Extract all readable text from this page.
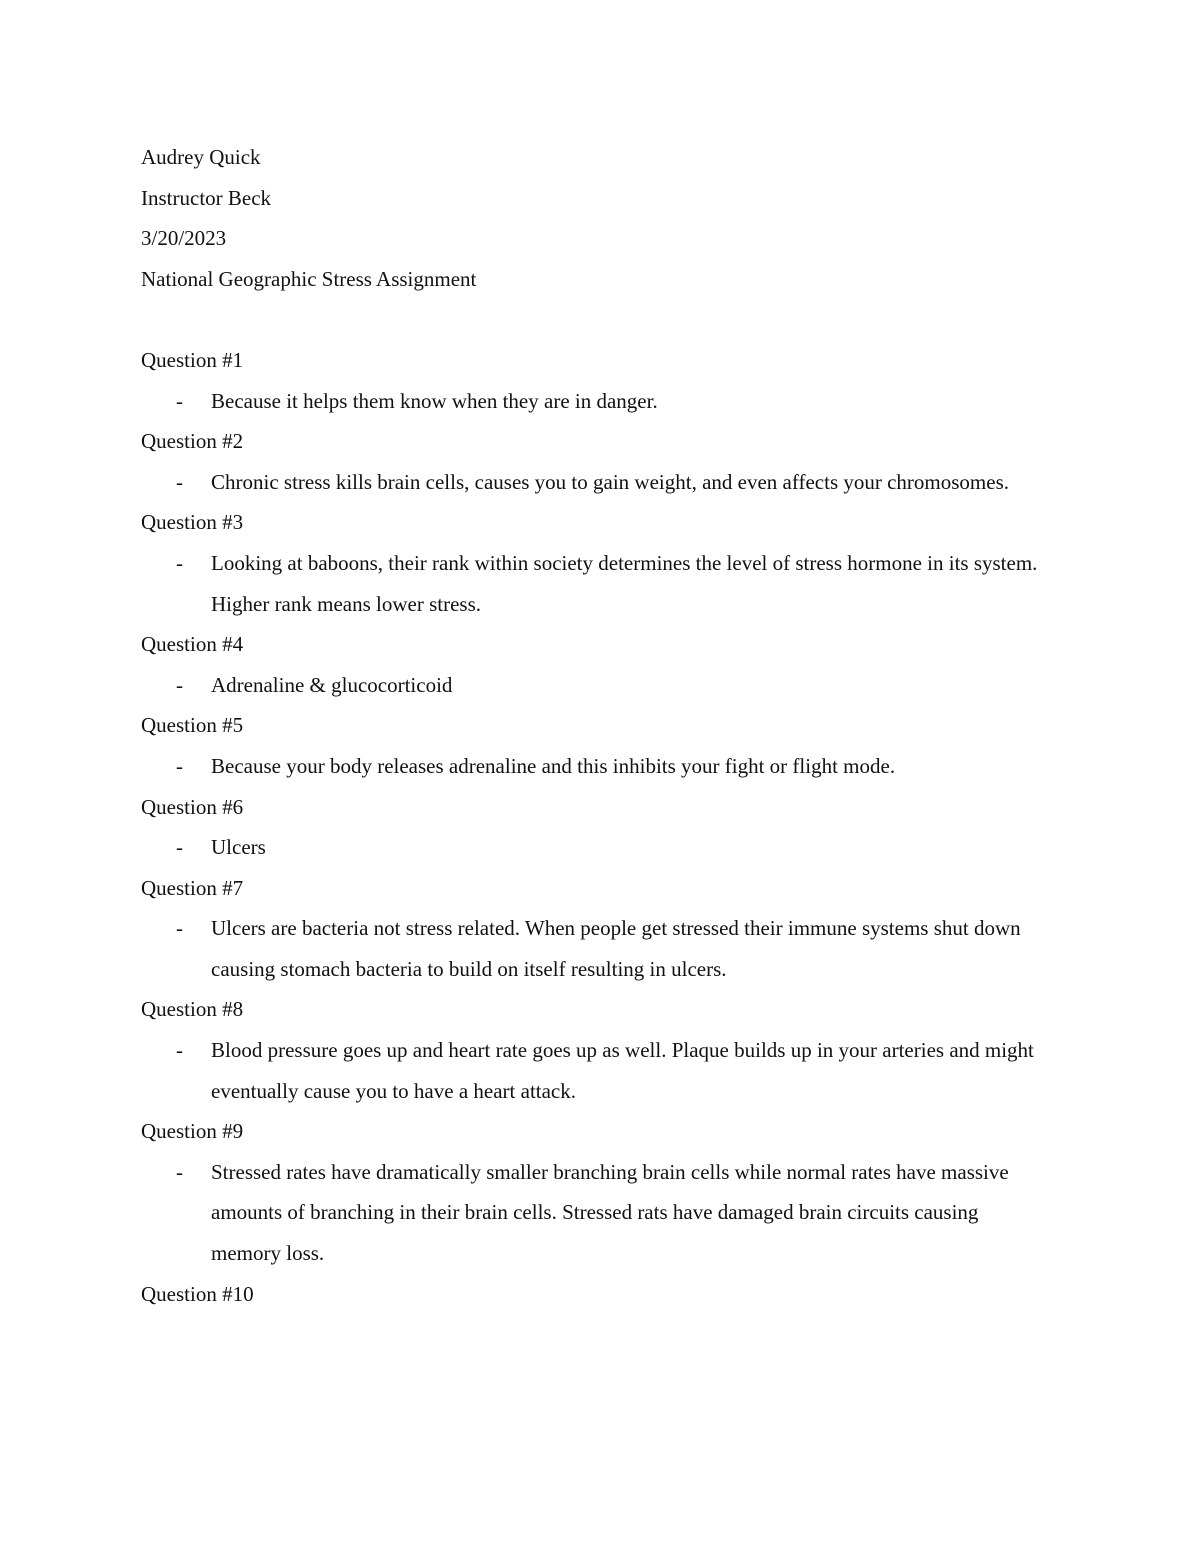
Audrey Quick

Instructor Beck

3/20/2023

National Geographic Stress Assignment

Question #1

- Because it helps them know when they are in danger.

Question #2

- Chronic stress kills brain cells, causes you to gain weight, and even affects your chromosomes.

Question #3

- Looking at baboons, their rank within society determines the level of stress hormone in its system. Higher rank means lower stress.

Question #4

- Adrenaline & glucocorticoid

Question #5

- Because your body releases adrenaline and this inhibits your fight or flight mode.

Question #6

- Ulcers

Question #7

- Ulcers are bacteria not stress related. When people get stressed their immune systems shut down causing stomach bacteria to build on itself resulting in ulcers.

Question #8

- Blood pressure goes up and heart rate goes up as well. Plaque builds up in your arteries and might eventually cause you to have a heart attack.

Question #9

- Stressed rates have dramatically smaller branching brain cells while normal rates have massive amounts of branching in their brain cells. Stressed rats have damaged brain circuits causing memory loss.

Question #10
